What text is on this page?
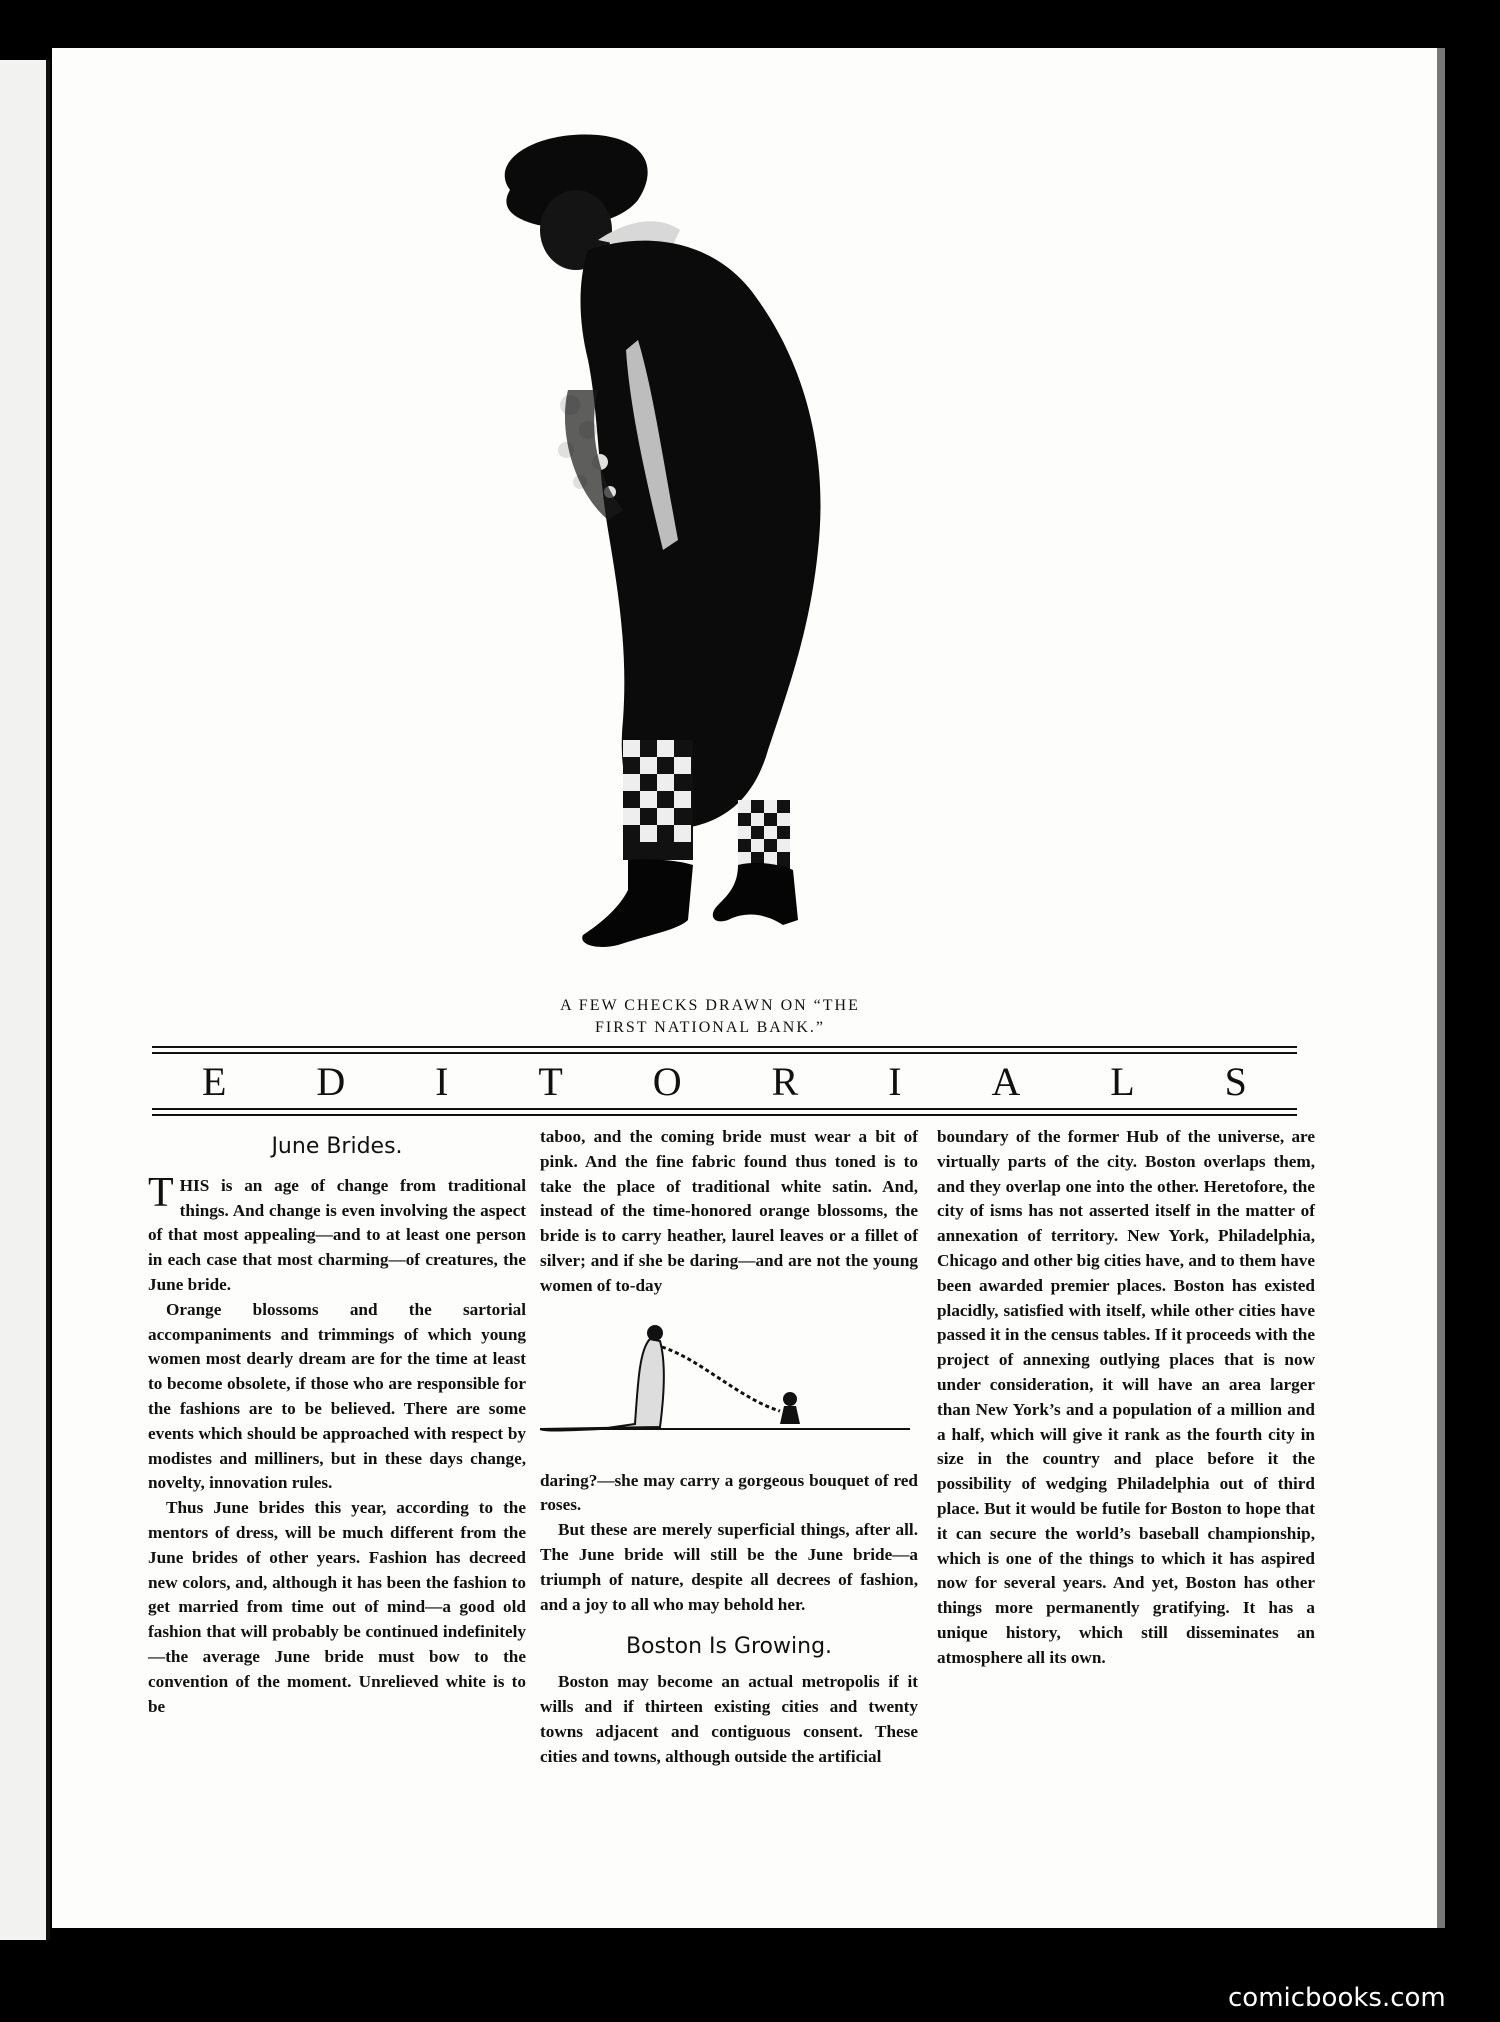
A FEW CHECKS DRAWN ON “THE
FIRST NATIONAL BANK.”
E D I T O R I A L S
June Brides.

THIS is an age of change from traditional things. And change is even involving the aspect of that most appealing—and to at least one person in each case that most charming—of creatures, the June bride.

Orange blossoms and the sartorial accompaniments and trimmings of which young women most dearly dream are for the time at least to become obsolete, if those who are responsible for the fashions are to be believed. There are some events which should be approached with respect by modistes and milliners, but in these days change, novelty, innovation rules.

Thus June brides this year, according to the mentors of dress, will be much different from the June brides of other years. Fashion has decreed new colors, and, although it has been the fashion to get married from time out of mind—a good old fashion that will probably be continued indefinitely—the average June bride must bow to the convention of the moment. Unrelieved white is to be

taboo, and the coming bride must wear a bit of pink. And the fine fabric found thus toned is to take the place of traditional white satin. And, instead of the time-honored orange blossoms, the bride is to carry heather, laurel leaves or a fillet of silver; and if she be daring—and are not the young women of to-day

daring?—she may carry a gorgeous bouquet of red roses.

But these are merely superficial things, after all. The June bride will still be the June bride—a triumph of nature, despite all decrees of fashion, and a joy to all who may behold her.

Boston Is Growing.

Boston may become an actual metropolis if it wills and if thirteen existing cities and twenty towns adjacent and contiguous consent. These cities and towns, although outside the artificial

boundary of the former Hub of the universe, are virtually parts of the city. Boston overlaps them, and they overlap one into the other. Heretofore, the city of isms has not asserted itself in the matter of annexation of territory. New York, Philadelphia, Chicago and other big cities have, and to them have been awarded premier places. Boston has existed placidly, satisfied with itself, while other cities have passed it in the census tables. If it proceeds with the project of annexing outlying places that is now under consideration, it will have an area larger than New York’s and a population of a million and a half, which will give it rank as the fourth city in size in the country and place before it the possibility of wedging Philadelphia out of third place. But it would be futile for Boston to hope that it can secure the world’s baseball championship, which is one of the things to which it has aspired now for several years. And yet, Boston has other things more permanently gratifying. It has a unique history, which still disseminates an atmosphere all its own.

comicbooks.com
